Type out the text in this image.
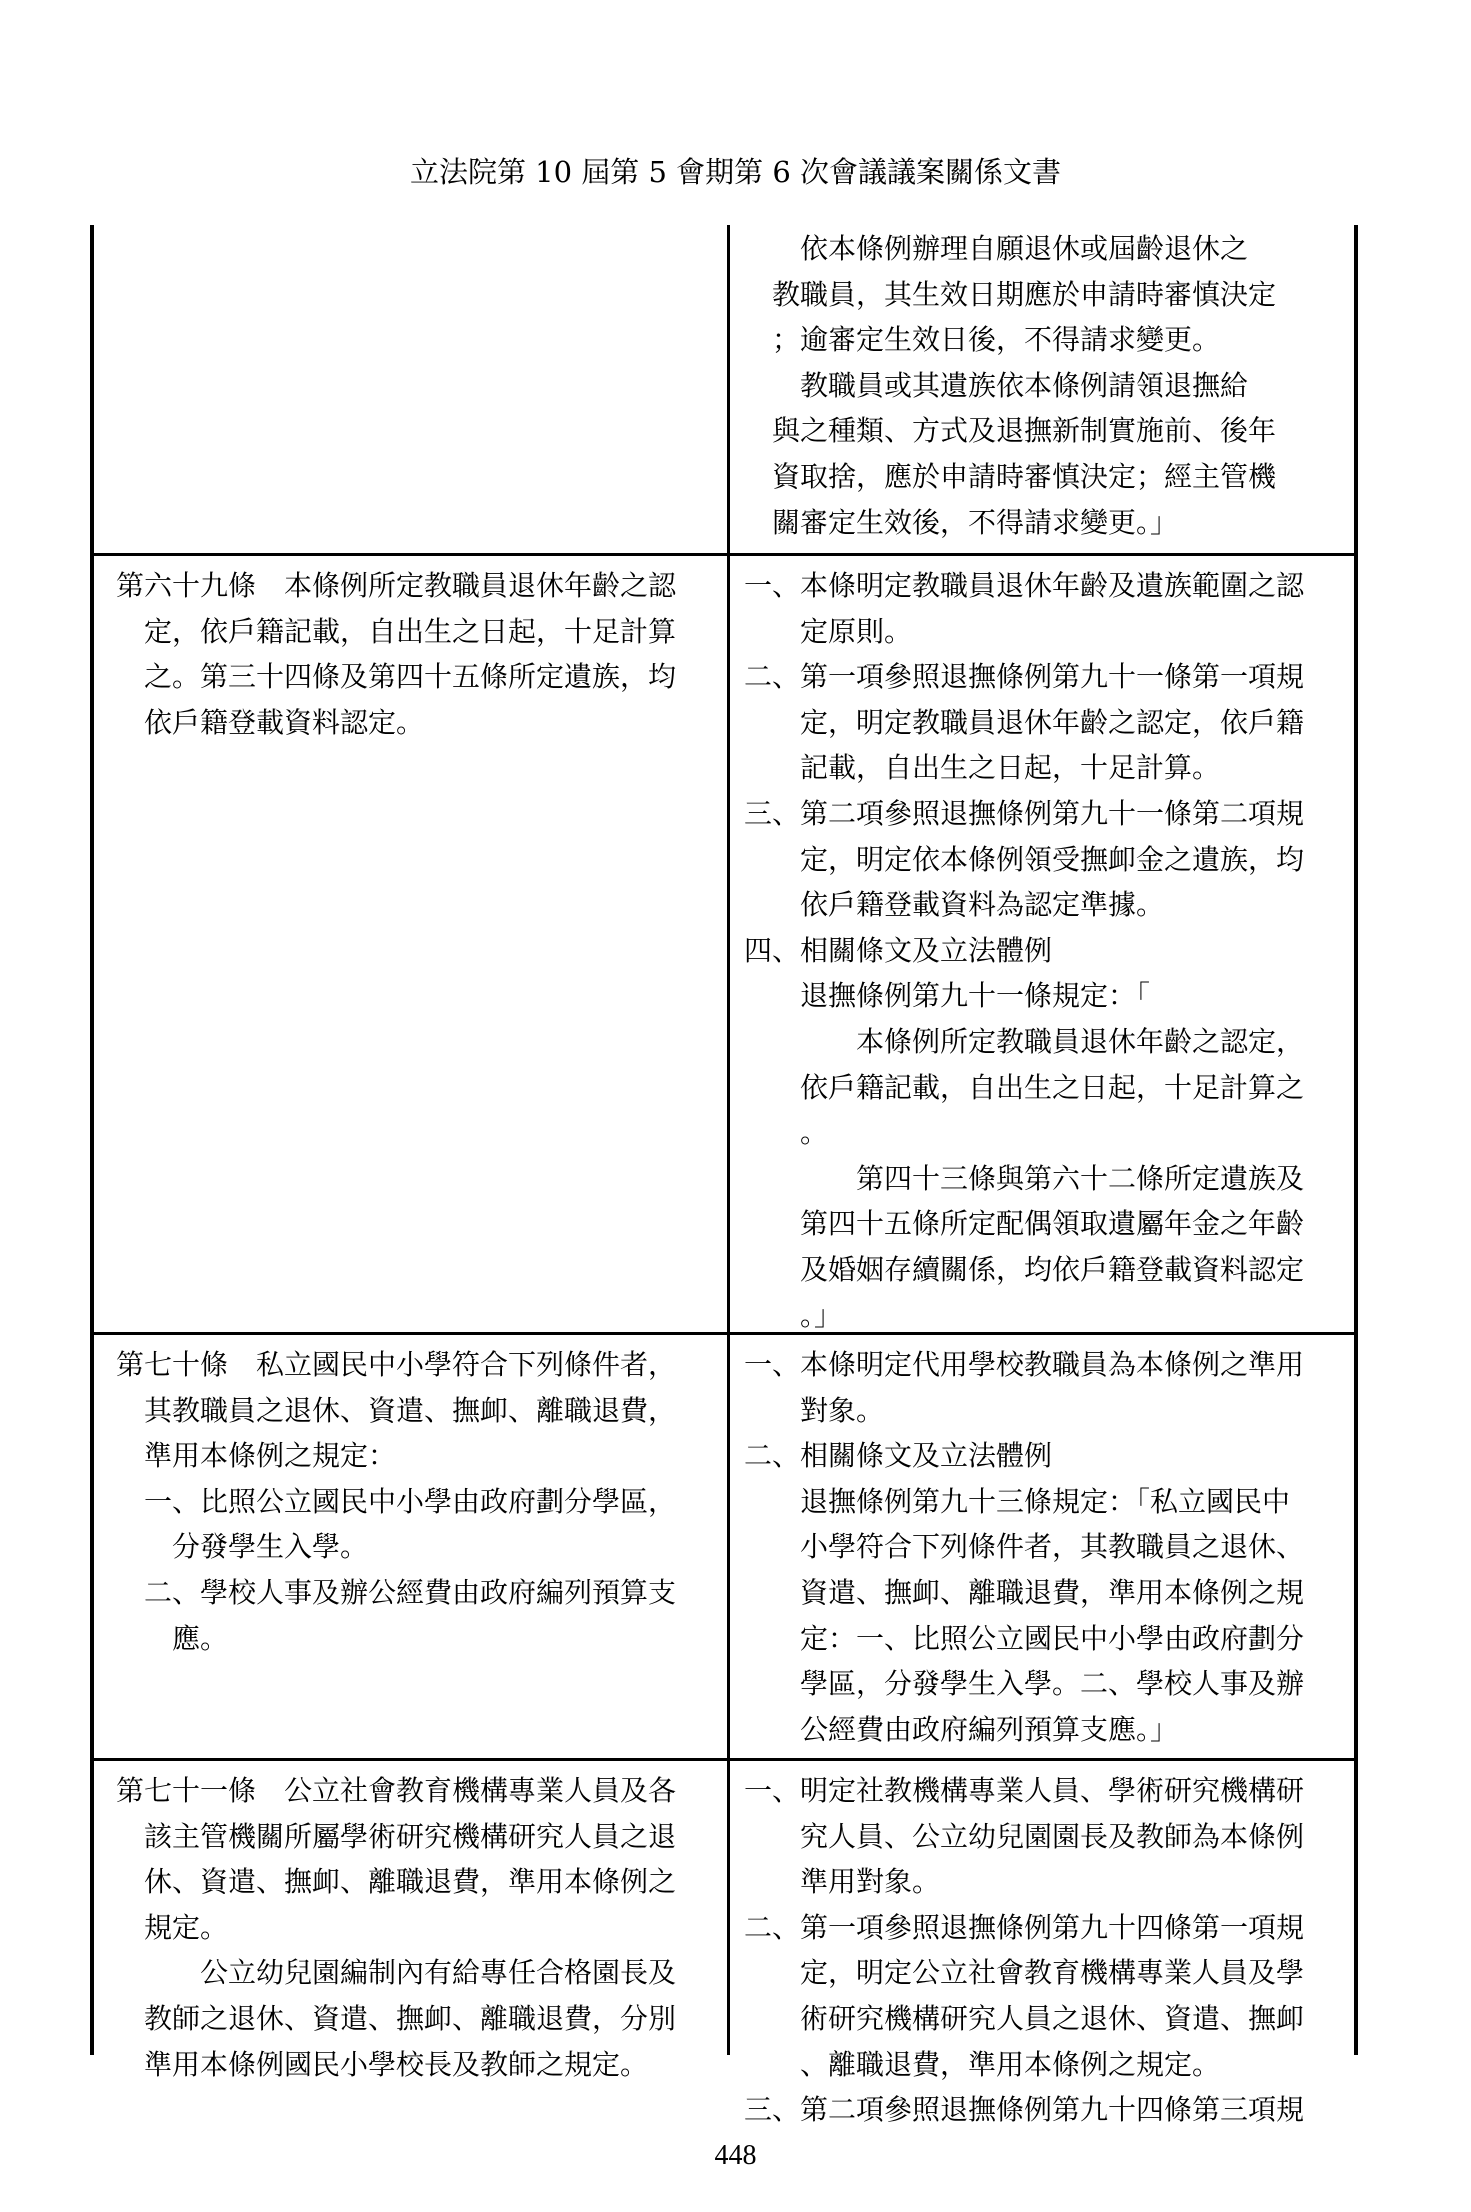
立法院第 10 屆第 5 會期第 6 次會議議案關係文書
　　依本條例辦理自願退休或屆齡退休之
　教職員，其生效日期應於申請時審慎決定
　；逾審定生效日後，不得請求變更。
　　教職員或其遺族依本條例請領退撫給
　與之種類、方式及退撫新制實施前、後年
　資取捨，應於申請時審慎決定；經主管機
　關審定生效後，不得請求變更。」
第六十九條　本條例所定教職員退休年齡之認
　定，依戶籍記載，自出生之日起，十足計算
　之。第三十四條及第四十五條所定遺族，均
　依戶籍登載資料認定。
一、本條明定教職員退休年齡及遺族範圍之認
　　定原則。
二、第一項參照退撫條例第九十一條第一項規
　　定，明定教職員退休年齡之認定，依戶籍
　　記載，自出生之日起，十足計算。
三、第二項參照退撫條例第九十一條第二項規
　　定，明定依本條例領受撫卹金之遺族，均
　　依戶籍登載資料為認定準據。
四、相關條文及立法體例
　　退撫條例第九十一條規定：「
　　　　本條例所定教職員退休年齡之認定，
　　依戶籍記載，自出生之日起，十足計算之
　　。
　　　　第四十三條與第六十二條所定遺族及
　　第四十五條所定配偶領取遺屬年金之年齡
　　及婚姻存續關係，均依戶籍登載資料認定
　　。」
第七十條　私立國民中小學符合下列條件者，
　其教職員之退休、資遣、撫卹、離職退費，
　準用本條例之規定：
　一、比照公立國民中小學由政府劃分學區，
　　分發學生入學。
　二、學校人事及辦公經費由政府編列預算支
　　應。
一、本條明定代用學校教職員為本條例之準用
　　對象。
二、相關條文及立法體例
　　退撫條例第九十三條規定：「私立國民中
　　小學符合下列條件者，其教職員之退休、
　　資遣、撫卹、離職退費，準用本條例之規
　　定：一、比照公立國民中小學由政府劃分
　　學區，分發學生入學。二、學校人事及辦
　　公經費由政府編列預算支應。」
第七十一條　公立社會教育機構專業人員及各
　該主管機關所屬學術研究機構研究人員之退
　休、資遣、撫卹、離職退費，準用本條例之
　規定。
　　　公立幼兒園編制內有給專任合格園長及
　教師之退休、資遣、撫卹、離職退費，分別
　準用本條例國民小學校長及教師之規定。
一、明定社教機構專業人員、學術研究機構研
　　究人員、公立幼兒園園長及教師為本條例
　　準用對象。
二、第一項參照退撫條例第九十四條第一項規
　　定，明定公立社會教育機構專業人員及學
　　術研究機構研究人員之退休、資遣、撫卹
　　、離職退費，準用本條例之規定。
三、第二項參照退撫條例第九十四條第三項規
448
